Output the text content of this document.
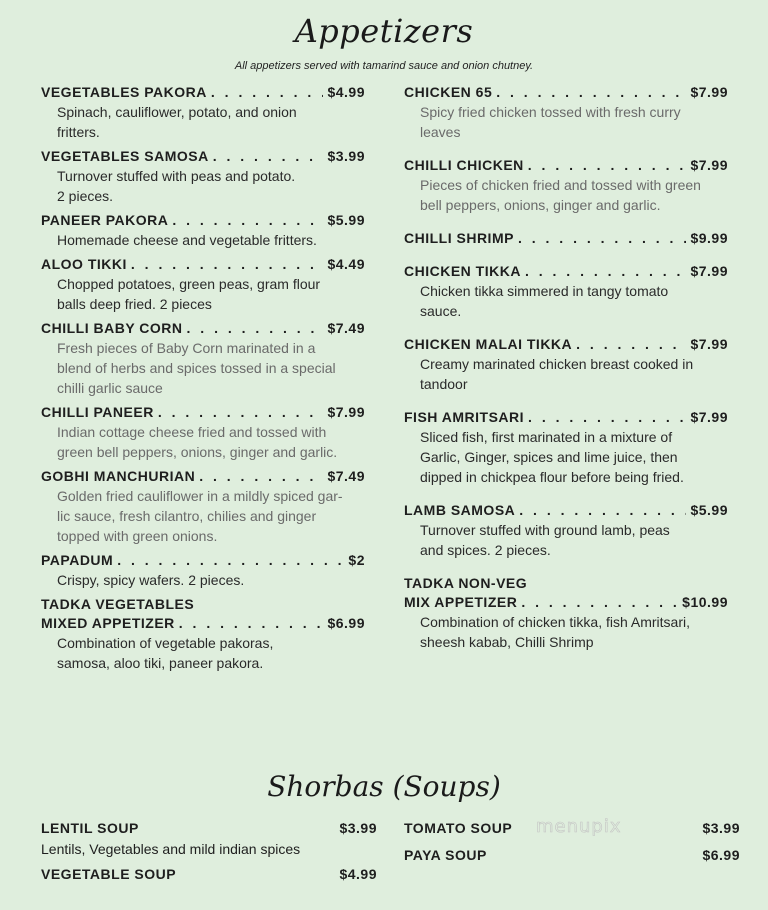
Appetizers
All appetizers served with tamarind sauce and onion chutney.
VEGETABLES PAKORA . . .	$4.99
Spinach, cauliflower, potato, and onion
fritters.
VEGETABLES SAMOSA . . .	$3.99
Turnover stuffed with peas and potato.
2 pieces.
PANEER PAKORA . . .	$5.99
Homemade cheese and vegetable fritters.
ALOO TIKKI . . .	$4.49
Chopped potatoes, green peas, gram flour
balls deep fried. 2 pieces
CHILLI BABY CORN . . .	$7.49
Fresh pieces of Baby Corn marinated in a
blend of herbs and spices tossed in a special
chilli garlic sauce
CHILLI PANEER . . .	$7.99
Indian cottage cheese fried and tossed with
green bell peppers, onions, ginger and garlic.
GOBHI MANCHURIAN . . .	$7.49
Golden fried cauliflower in a mildly spiced gar-
lic sauce, fresh cilantro, chilies and ginger
topped with green onions.
PAPADUM . . .	$2
Crispy, spicy wafers. 2 pieces.
TADKA VEGETABLES
MIXED APPETIZER . . .	$6.99
Combination of vegetable pakoras,
samosa, aloo tiki, paneer pakora.
CHICKEN 65 . . .	$7.99
Spicy fried chicken tossed with fresh curry
leaves
CHILLI CHICKEN . . .	$7.99
Pieces of chicken fried and tossed with green
bell peppers, onions, ginger and garlic.
CHILLI SHRIMP . . .	$9.99
CHICKEN TIKKA . . .	$7.99
Chicken tikka simmered in tangy tomato
sauce.
CHICKEN MALAI TIKKA . . .	$7.99
Creamy marinated chicken breast cooked in
tandoor
FISH AMRITSARI . . .	$7.99
Sliced fish, first marinated in a mixture of
Garlic, Ginger, spices and lime juice, then
dipped in chickpea flour before being fried.
LAMB SAMOSA . . .	$5.99
Turnover stuffed with ground lamb, peas
and spices. 2 pieces.
TADKA NON-VEG
MIX APPETIZER . . .	$10.99
Combination of chicken tikka, fish Amritsari,
sheesh kabab, Chilli Shrimp
Shorbas (Soups)
LENTIL SOUP	$3.99
Lentils, Vegetables and mild indian spices
VEGETABLE SOUP	$4.99
TOMATO SOUP	$3.99
PAYA SOUP	$6.99
menupix
